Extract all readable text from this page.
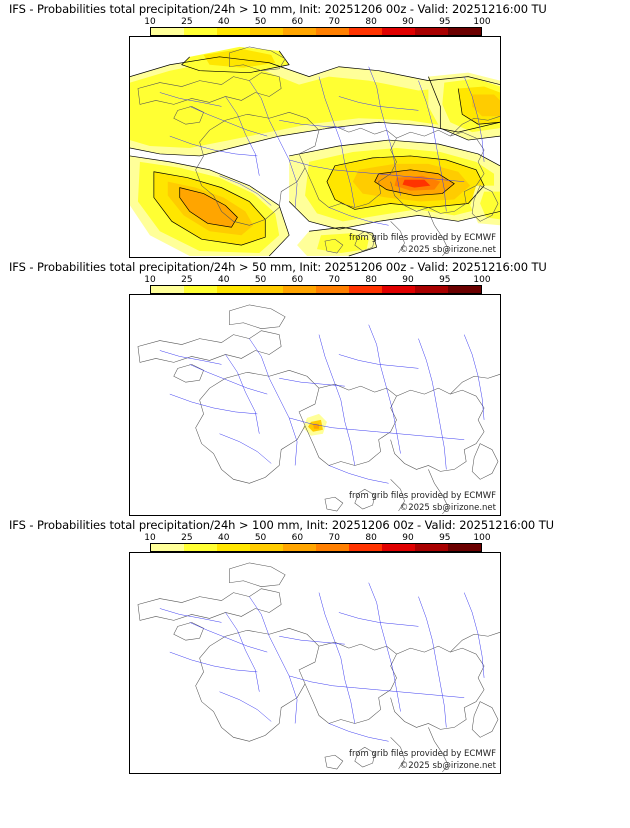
IFS - Probabilities total precipitation/24h > 10 mm, Init: 20251206 00z - Valid: 20251216:00 TU
10	25	40	50	60	70	80	90	95	100
from grib files provided by ECMWF
©2025 sb@irizone.net
IFS - Probabilities total precipitation/24h > 50 mm, Init: 20251206 00z - Valid: 20251216:00 TU
10	25	40	50	60	70	80	90	95	100
from grib files provided by ECMWF
©2025 sb@irizone.net
IFS - Probabilities total precipitation/24h > 100 mm, Init: 20251206 00z - Valid: 20251216:00 TU
10	25	40	50	60	70	80	90	95	100
from grib files provided by ECMWF
©2025 sb@irizone.net
